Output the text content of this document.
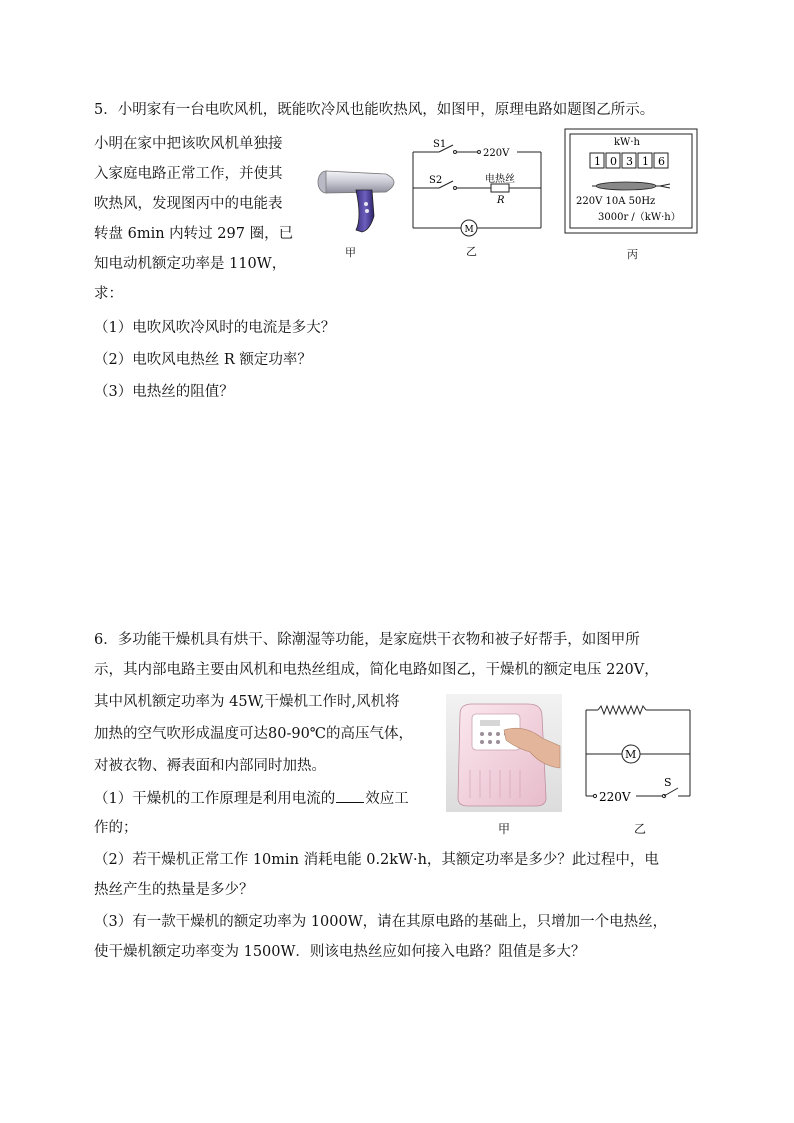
5．小明家有一台电吹风机，既能吹冷风也能吹热风，如图甲，原理电路如题图乙所示。
小明在家中把该吹风机单独接
入家庭电路正常工作，并使其
吹热风，发现图丙中的电能表
转盘 6min 内转过 297 圈，已
知电动机额定功率是 110W，
求：
甲
S1
220V
S2	电热丝
R
M
乙
kW·h
1 0 3 1 6
220V 10A 50Hz
3000r /（kW·h）
丙
（1）电吹风吹冷风时的电流是多大？
（2）电吹风电热丝 R 额定功率？
（3）电热丝的阻值？
6．多功能干燥机具有烘干、除潮湿等功能，是家庭烘干衣物和被子好帮手，如图甲所
示，其内部电路主要由风机和电热丝组成，简化电路如图乙，干燥机的额定电压 220V，
其中风机额定功率为 45W,干燥机工作时,风机将
加热的空气吹形成温度可达80-90℃的高压气体，
对被衣物、褥表面和内部同时加热。
（1）干燥机的工作原理是利用电流的 效应工
作的；	甲
M
S
220V
乙
（2）若干燥机正常工作 10min 消耗电能 0.2kW·h，其额定功率是多少？此过程中，电
热丝产生的热量是多少？
（3）有一款干燥机的额定功率为 1000W，请在其原电路的基础上，只增加一个电热丝，
使干燥机额定功率变为 1500W．则该电热丝应如何接入电路？阻值是多大？
